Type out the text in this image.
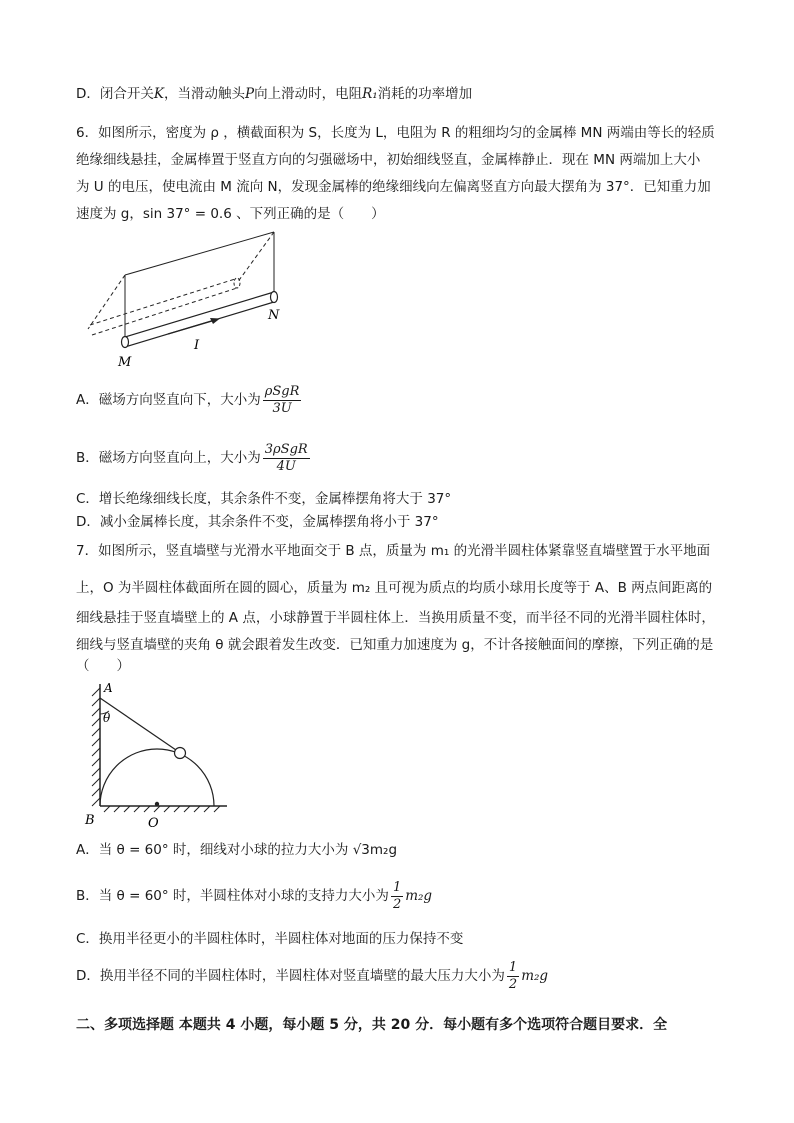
D．闭合开关K，当滑动触头P向上滑动时，电阻R₁消耗的功率增加
6．如图所示，密度为 ρ ，横截面积为 S，长度为 L，电阻为 R 的粗细均匀的金属棒 MN 两端由等长的轻质
绝缘细线悬挂，金属棒置于竖直方向的匀强磁场中，初始细线竖直，金属棒静止．现在 MN 两端加上大小
为 U 的电压，使电流由 M 流向 N，发现金属棒的绝缘细线向左偏离竖直方向最大摆角为 37°．已知重力加
速度为 g，sin 37° = 0.6 、下列正确的是（　　）
M
N
I
A．磁场方向竖直向下，大小为 $\frac{\text{ρSgR}}{3U}$
B．磁场方向竖直向上，大小为 $\frac{\text{3ρSgR}}{4U}$
C．增长绝缘细线长度，其余条件不变，金属棒摆角将大于 37°
D．减小金属棒长度，其余条件不变，金属棒摆角将小于 37°
7．如图所示，竖直墙壁与光滑水平地面交于 B 点，质量为 m₁ 的光滑半圆柱体紧靠竖直墙壁置于水平地面
上，O 为半圆柱体截面所在圆的圆心，质量为 m₂ 且可视为质点的均质小球用长度等于 A、B 两点间距离的
细线悬挂于竖直墙壁上的 A 点，小球静置于半圆柱体上．当换用质量不变，而半径不同的光滑半圆柱体时，
细线与竖直墙壁的夹角 θ 就会跟着发生改变．已知重力加速度为 g，不计各接触面间的摩擦，下列正确的是
（　　）
A
θ
B	O
A．当 θ = 60° 时，细线对小球的拉力大小为 √3m₂g
B．当 θ = 60° 时，半圆柱体对小球的支持力大小为 $\frac{1}{2} m_2g$
C．换用半径更小的半圆柱体时，半圆柱体对地面的压力保持不变
D．换用半径不同的半圆柱体时，半圆柱体对竖直墙壁的最大压力大小为 $\frac{1}{2} m_2g$
二、多项选择题 本题共 4 小题，每小题 5 分，共 20 分．每小题有多个选项符合题目要求．全
